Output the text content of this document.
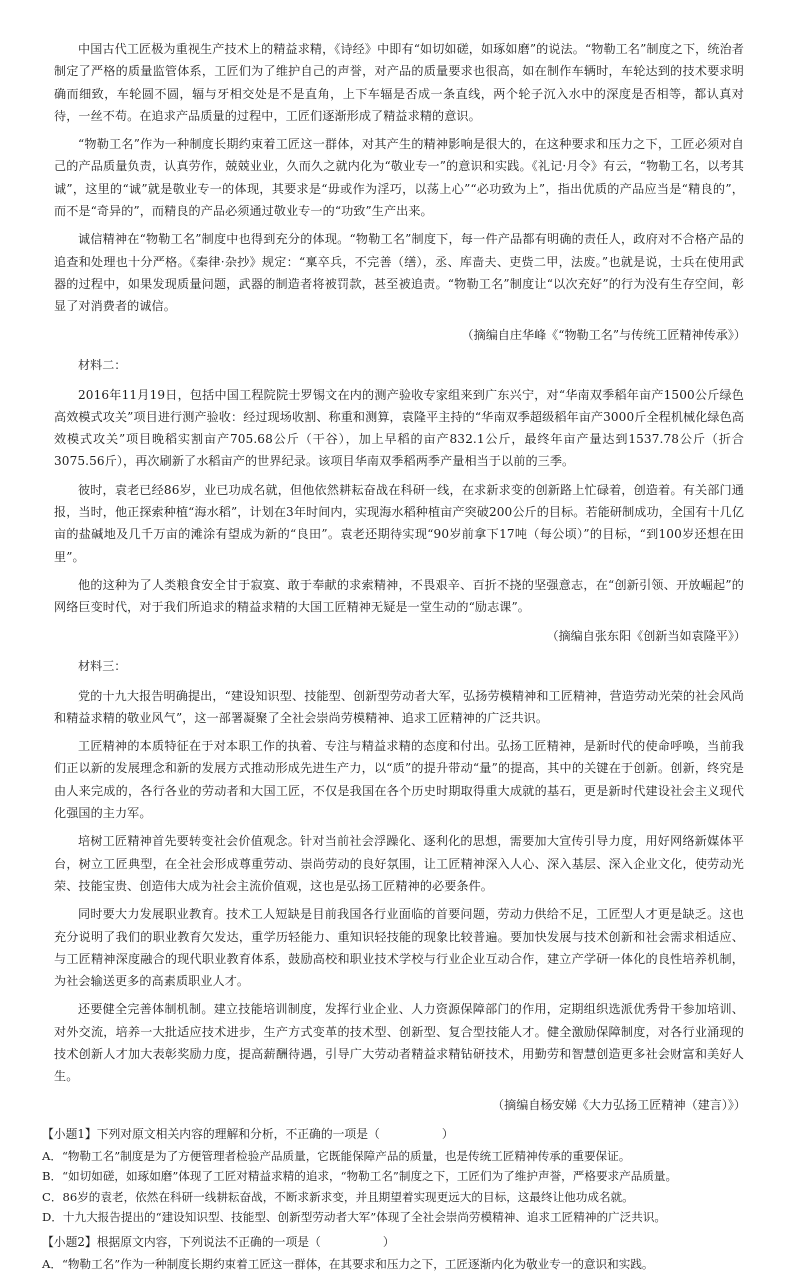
中国古代工匠极为重视生产技术上的精益求精，《诗经》中即有“如切如磋，如琢如磨”的说法。“物勒工名”制度之下，统治者制定了严格的质量监管体系，工匠们为了维护自己的声誉，对产品的质量要求也很高，如在制作车辆时，车轮达到的技术要求明确而细致，车轮圆不圆，辐与牙相交处是不是直角，上下车辐是否成一条直线，两个轮子沉入水中的深度是否相等，都认真对待，一丝不苟。在追求产品质量的过程中，工匠们逐渐形成了精益求精的意识。

“物勒工名”作为一种制度长期约束着工匠这一群体，对其产生的精神影响是很大的，在这种要求和压力之下，工匠必须对自己的产品质量负责，认真劳作，兢兢业业，久而久之就内化为“敬业专一”的意识和实践。《礼记·月令》有云，“物勒工名，以考其诚”，这里的“诚”就是敬业专一的体现，其要求是“毋或作为淫巧，以荡上心”“必功致为上”，指出优质的产品应当是“精良的”，而不是“奇异的”，而精良的产品必须通过敬业专一的“功致”生产出来。

诚信精神在“物勒工名”制度中也得到充分的体现。“物勒工名”制度下，每一件产品都有明确的责任人，政府对不合格产品的追查和处理也十分严格。《秦律·杂抄》规定：“稟卒兵，不完善（缮），丞、库啬夫、吏赀二甲，法废。”也就是说，士兵在使用武器的过程中，如果发现质量问题，武器的制造者将被罚款，甚至被追责。“物勒工名”制度让“以次充好”的行为没有生存空间，彰显了对消费者的诚信。

（摘编自庄华峰《“物勒工名”与传统工匠精神传承》）
材料二：

2016年11月19日，包括中国工程院院士罗锡文在内的测产验收专家组来到广东兴宁，对“华南双季稻年亩产1500公斤绿色高效模式攻关”项目进行测产验收：经过现场收割、称重和测算，袁隆平主持的“华南双季超级稻年亩产3000斤全程机械化绿色高效模式攻关”项目晚稻实割亩产705.68公斤（干谷），加上早稻的亩产832.1公斤，最终年亩产量达到1537.78公斤（折合3075.56斤），再次刷新了水稻亩产的世界纪录。该项目华南双季稻两季产量相当于以前的三季。

彼时，袁老已经86岁，业已功成名就，但他依然耕耘奋战在科研一线，在求新求变的创新路上忙碌着，创造着。有关部门通报，当时，他正探索种植“海水稻”，计划在3年时间内，实现海水稻种植亩产突破200公斤的目标。若能研制成功，全国有十几亿亩的盐碱地及几千万亩的滩涂有望成为新的“良田”。袁老还期待实现“90岁前拿下17吨（每公顷）”的目标，“到100岁还想在田里”。

他的这种为了人类粮食安全甘于寂寞、敢于奉献的求索精神，不畏艰辛、百折不挠的坚强意志，在“创新引领、开放崛起”的网络巨变时代，对于我们所追求的精益求精的大国工匠精神无疑是一堂生动的“励志课”。

（摘编自张东阳《创新当如袁隆平》）
材料三：

党的十九大报告明确提出，“建设知识型、技能型、创新型劳动者大军，弘扬劳模精神和工匠精神，营造劳动光荣的社会风尚和精益求精的敬业风气”，这一部署凝聚了全社会崇尚劳模精神、追求工匠精神的广泛共识。

工匠精神的本质特征在于对本职工作的执着、专注与精益求精的态度和付出。弘扬工匠精神，是新时代的使命呼唤，当前我们正以新的发展理念和新的发展方式推动形成先进生产力，以“质”的提升带动“量”的提高，其中的关键在于创新。创新，终究是由人来完成的，各行各业的劳动者和大国工匠，不仅是我国在各个历史时期取得重大成就的基石，更是新时代建设社会主义现代化强国的主力军。

培树工匠精神首先要转变社会价值观念。针对当前社会浮躁化、逐利化的思想，需要加大宣传引导力度，用好网络新媒体平台，树立工匠典型，在全社会形成尊重劳动、崇尚劳动的良好氛围，让工匠精神深入人心、深入基层、深入企业文化，使劳动光荣、技能宝贵、创造伟大成为社会主流价值观，这也是弘扬工匠精神的必要条件。

同时要大力发展职业教育。技术工人短缺是目前我国各行业面临的首要问题，劳动力供给不足，工匠型人才更是缺乏。这也充分说明了我们的职业教育欠发达，重学历轻能力、重知识轻技能的现象比较普遍。要加快发展与技术创新和社会需求相适应、与工匠精神深度融合的现代职业教育体系，鼓励高校和职业技术学校与行业企业互动合作，建立产学研一体化的良性培养机制，为社会输送更多的高素质职业人才。

还要健全完善体制机制。建立技能培训制度，发挥行业企业、人力资源保障部门的作用，定期组织选派优秀骨干参加培训、对外交流，培养一大批适应技术进步，生产方式变革的技术型、创新型、复合型技能人才。健全激励保障制度，对各行业涌现的技术创新人才加大表彰奖励力度，提高薪酬待遇，引导广大劳动者精益求精钻研技术，用勤劳和智慧创造更多社会财富和美好人生。

（摘编自杨安娣《大力弘扬工匠精神（建言）》）
【小题1】下列对原文相关内容的理解和分析，不正确的一项是（	）
A．“物勒工名”制度是为了方便管理者检验产品质量，它既能保障产品的质量，也是传统工匠精神传承的重要保证。
B．“如切如磋，如琢如磨”体现了工匠对精益求精的追求，“物勒工名”制度之下，工匠们为了维护声誉，严格要求产品质量。
C．86岁的袁老，依然在科研一线耕耘奋战，不断求新求变，并且期望着实现更远大的目标，这最终让他功成名就。
D．十九大报告提出的“建设知识型、技能型、创新型劳动者大军”体现了全社会崇尚劳模精神、追求工匠精神的广泛共识。
【小题2】根据原文内容，下列说法不正确的一项是（	）
A．“物勒工名”作为一种制度长期约束着工匠这一群体，在其要求和压力之下，工匠逐渐内化为敬业专一的意识和实践。
